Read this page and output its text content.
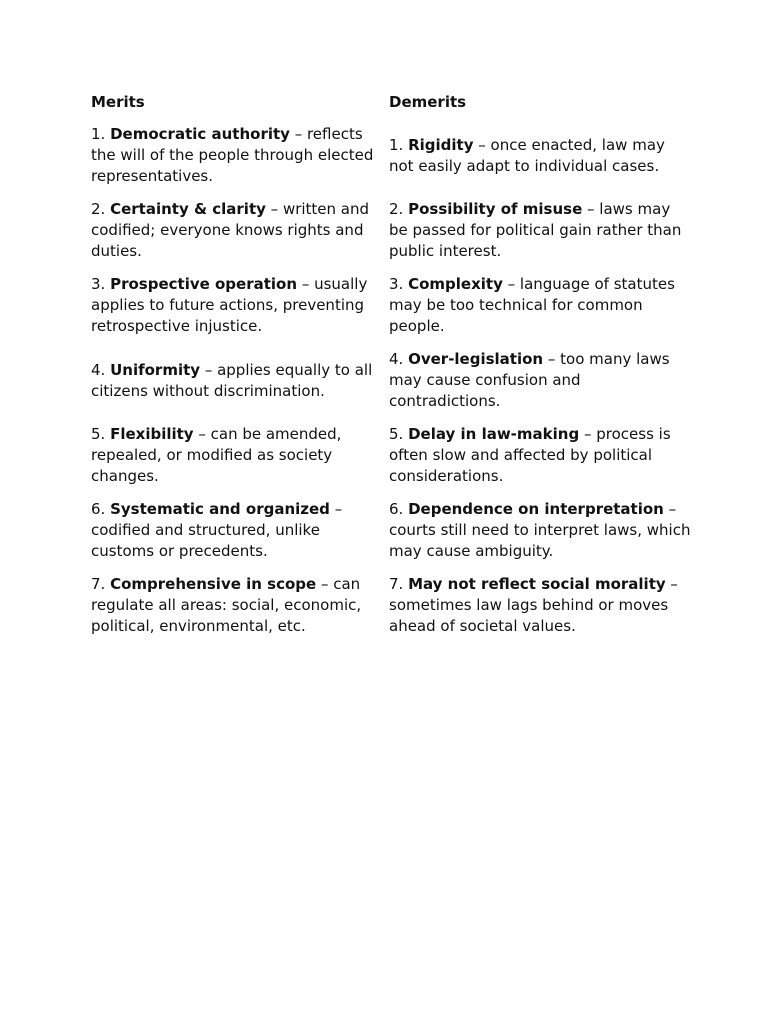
Merits	Demerits
1. Democratic authority – reflects the will of the people through elected representatives.	1. Rigidity – once enacted, law may not easily adapt to individual cases.
2. Certainty & clarity – written and codified; everyone knows rights and duties.	2. Possibility of misuse – laws may be passed for political gain rather than public interest.
3. Prospective operation – usually applies to future actions, preventing retrospective injustice.	3. Complexity – language of statutes may be too technical for common people.
4. Uniformity – applies equally to all citizens without discrimination.	4. Over-legislation – too many laws may cause confusion and contradictions.
5. Flexibility – can be amended, repealed, or modified as society changes.	5. Delay in law-making – process is often slow and affected by political considerations.
6. Systematic and organized – codified and structured, unlike customs or precedents.	6. Dependence on interpretation – courts still need to interpret laws, which may cause ambiguity.
7. Comprehensive in scope – can regulate all areas: social, economic, political, environmental, etc.	7. May not reflect social morality – sometimes law lags behind or moves ahead of societal values.
